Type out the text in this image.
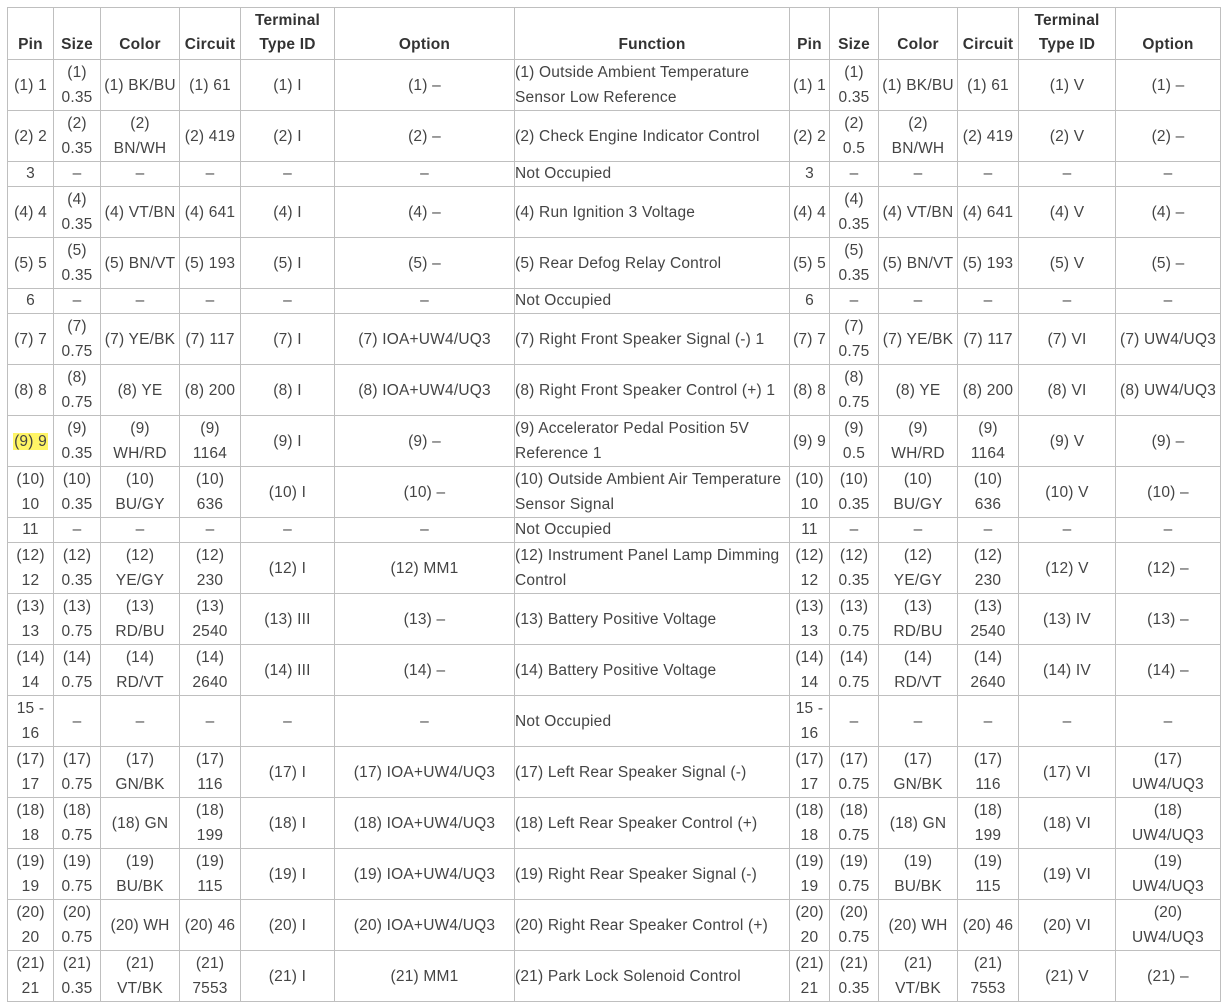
Pin	Size	Color	Circuit	Terminal Type ID	Option	Function	Pin	Size	Color	Circuit	Terminal Type ID	Option
(1) 1	(1) 0.35	(1) BK/BU	(1) 61	(1) I	(1) –	(1) Outside Ambient Temperature Sensor Low Reference	(1) 1	(1) 0.35	(1) BK/BU	(1) 61	(1) V	(1) –
(2) 2	(2) 0.35	(2) BN/WH	(2) 419	(2) I	(2) –	(2) Check Engine Indicator Control	(2) 2	(2) 0.5	(2) BN/WH	(2) 419	(2) V	(2) –
3	–	–	–	–	–	Not Occupied	3	–	–	–	–	–
(4) 4	(4) 0.35	(4) VT/BN	(4) 641	(4) I	(4) –	(4) Run Ignition 3 Voltage	(4) 4	(4) 0.35	(4) VT/BN	(4) 641	(4) V	(4) –
(5) 5	(5) 0.35	(5) BN/VT	(5) 193	(5) I	(5) –	(5) Rear Defog Relay Control	(5) 5	(5) 0.35	(5) BN/VT	(5) 193	(5) V	(5) –
6	–	–	–	–	–	Not Occupied	6	–	–	–	–	–
(7) 7	(7) 0.75	(7) YE/BK	(7) 117	(7) I	(7) IOA+UW4/UQ3	(7) Right Front Speaker Signal (-) 1	(7) 7	(7) 0.75	(7) YE/BK	(7) 117	(7) VI	(7) UW4/UQ3
(8) 8	(8) 0.75	(8) YE	(8) 200	(8) I	(8) IOA+UW4/UQ3	(8) Right Front Speaker Control (+) 1	(8) 8	(8) 0.75	(8) YE	(8) 200	(8) VI	(8) UW4/UQ3
(9) 9	(9) 0.35	(9) WH/RD	(9) 1164	(9) I	(9) –	(9) Accelerator Pedal Position 5V Reference 1	(9) 9	(9) 0.5	(9) WH/RD	(9) 1164	(9) V	(9) –
(10) 10	(10) 0.35	(10) BU/GY	(10) 636	(10) I	(10) –	(10) Outside Ambient Air Temperature Sensor Signal	(10) 10	(10) 0.35	(10) BU/GY	(10) 636	(10) V	(10) –
11	–	–	–	–	–	Not Occupied	11	–	–	–	–	–
(12) 12	(12) 0.35	(12) YE/GY	(12) 230	(12) I	(12) MM1	(12) Instrument Panel Lamp Dimming Control	(12) 12	(12) 0.35	(12) YE/GY	(12) 230	(12) V	(12) –
(13) 13	(13) 0.75	(13) RD/BU	(13) 2540	(13) III	(13) –	(13) Battery Positive Voltage	(13) 13	(13) 0.75	(13) RD/BU	(13) 2540	(13) IV	(13) –
(14) 14	(14) 0.75	(14) RD/VT	(14) 2640	(14) III	(14) –	(14) Battery Positive Voltage	(14) 14	(14) 0.75	(14) RD/VT	(14) 2640	(14) IV	(14) –
15 - 16	–	–	–	–	–	Not Occupied	15 - 16	–	–	–	–	–
(17) 17	(17) 0.75	(17) GN/BK	(17) 116	(17) I	(17) IOA+UW4/UQ3	(17) Left Rear Speaker Signal (-)	(17) 17	(17) 0.75	(17) GN/BK	(17) 116	(17) VI	(17) UW4/UQ3
(18) 18	(18) 0.75	(18) GN	(18) 199	(18) I	(18) IOA+UW4/UQ3	(18) Left Rear Speaker Control (+)	(18) 18	(18) 0.75	(18) GN	(18) 199	(18) VI	(18) UW4/UQ3
(19) 19	(19) 0.75	(19) BU/BK	(19) 115	(19) I	(19) IOA+UW4/UQ3	(19) Right Rear Speaker Signal (-)	(19) 19	(19) 0.75	(19) BU/BK	(19) 115	(19) VI	(19) UW4/UQ3
(20) 20	(20) 0.75	(20) WH	(20) 46	(20) I	(20) IOA+UW4/UQ3	(20) Right Rear Speaker Control (+)	(20) 20	(20) 0.75	(20) WH	(20) 46	(20) VI	(20) UW4/UQ3
(21) 21	(21) 0.35	(21) VT/BK	(21) 7553	(21) I	(21) MM1	(21) Park Lock Solenoid Control	(21) 21	(21) 0.35	(21) VT/BK	(21) 7553	(21) V	(21) –
